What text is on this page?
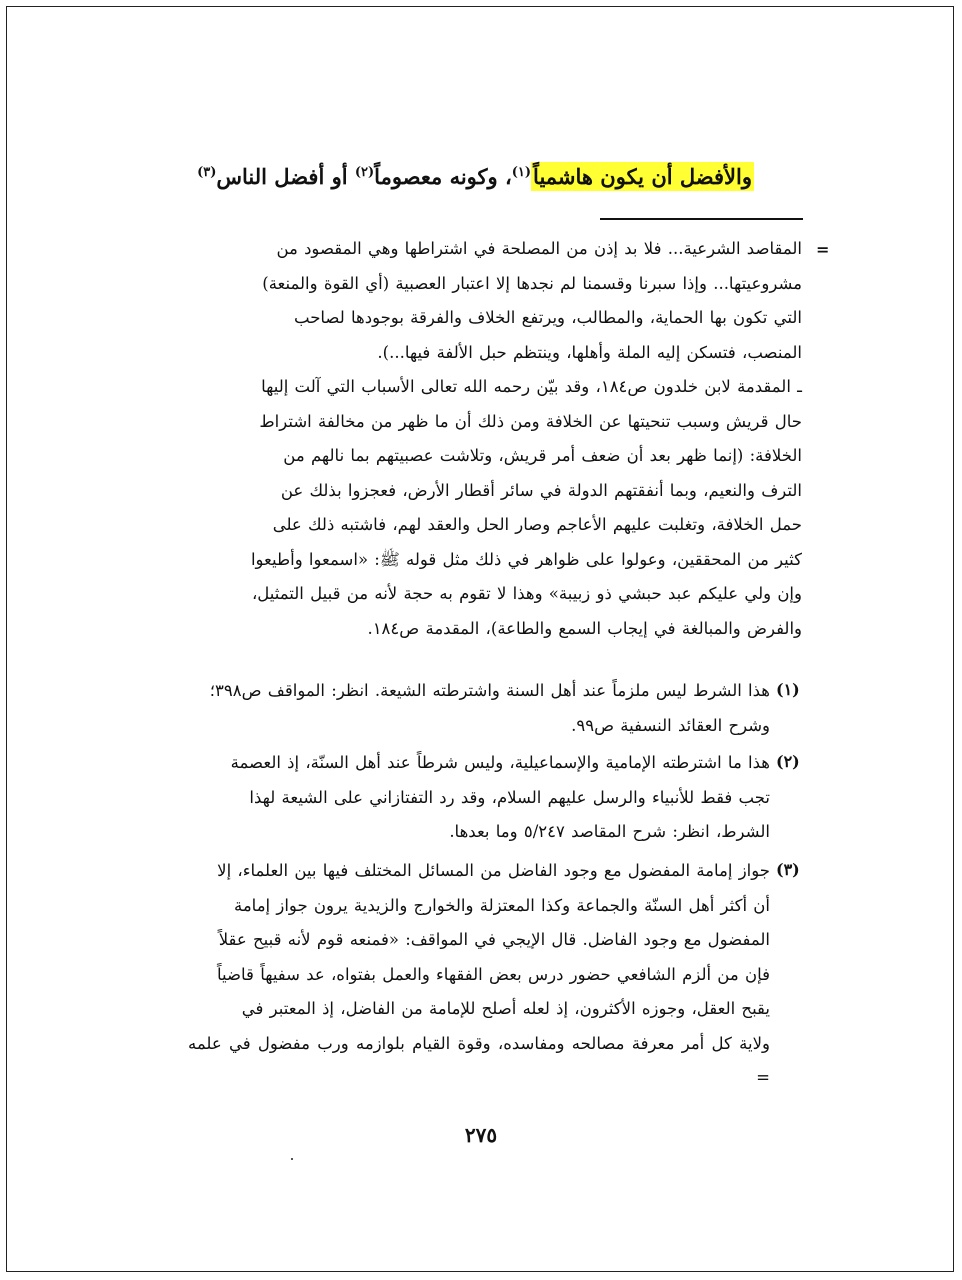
والأفضل أن يكون هاشمياً$^{(١)}$، وكونه معصوماً$^{(٢)}$ أو أفضل الناس$^{(٣)}$
=

المقاصد الشرعية... فلا بد إذن من المصلحة في اشتراطها وهي المقصود من

مشروعيتها... وإذا سبرنا وقسمنا لم نجدها إلا اعتبار العصبية (أي القوة والمنعة)

التي تكون بها الحماية، والمطالب، ويرتفع الخلاف والفرقة بوجودها لصاحب

المنصب، فتسكن إليه الملة وأهلها، وينتظم حبل الألفة فيها...).

ـ المقدمة لابن خلدون ص١٨٤، وقد بيّن رحمه الله تعالى الأسباب التي آلت إليها

حال قريش وسبب تنحيتها عن الخلافة ومن ذلك أن ما ظهر من مخالفة اشتراط

الخلافة: (إنما ظهر بعد أن ضعف أمر قريش، وتلاشت عصبيتهم بما نالهم من

الترف والنعيم، وبما أنفقتهم الدولة في سائر أقطار الأرض، فعجزوا بذلك عن

حمل الخلافة، وتغلبت عليهم الأعاجم وصار الحل والعقد لهم، فاشتبه ذلك على

كثير من المحققين، وعولوا على ظواهر في ذلك مثل قوله ﷺ: «اسمعوا وأطيعوا

وإن ولي عليكم عبد حبشي ذو زبيبة» وهذا لا تقوم به حجة لأنه من قبيل التمثيل،

والفرض والمبالغة في إيجاب السمع والطاعة)، المقدمة ص١٨٤.

(١)

هذا الشرط ليس ملزماً عند أهل السنة واشترطته الشيعة. انظر: المواقف ص٣٩٨؛

وشرح العقائد النسفية ص٩٩.

(٢)

هذا ما اشترطته الإمامية والإسماعيلية، وليس شرطاً عند أهل السنّة، إذ العصمة

تجب فقط للأنبياء والرسل عليهم السلام، وقد رد التفتازاني على الشيعة لهذا

الشرط، انظر: شرح المقاصد ٥/٢٤٧ وما بعدها.

(٣)

جواز إمامة المفضول مع وجود الفاضل من المسائل المختلف فيها بين العلماء، إلا

أن أكثر أهل السنّة والجماعة وكذا المعتزلة والخوارج والزيدية يرون جواز إمامة

المفضول مع وجود الفاضل. قال الإيجي في المواقف: «فمنعه قوم لأنه قبيح عقلاً

فإن من ألزم الشافعي حضور درس بعض الفقهاء والعمل بفتواه، عد سفيهاً قاضياً

يقبح العقل، وجوزه الأكثرون، إذ لعله أصلح للإمامة من الفاضل، إذ المعتبر في

ولاية كل أمر معرفة مصالحه ومفاسده، وقوة القيام بلوازمه ورب مفضول في علمه =

٢٧٥
